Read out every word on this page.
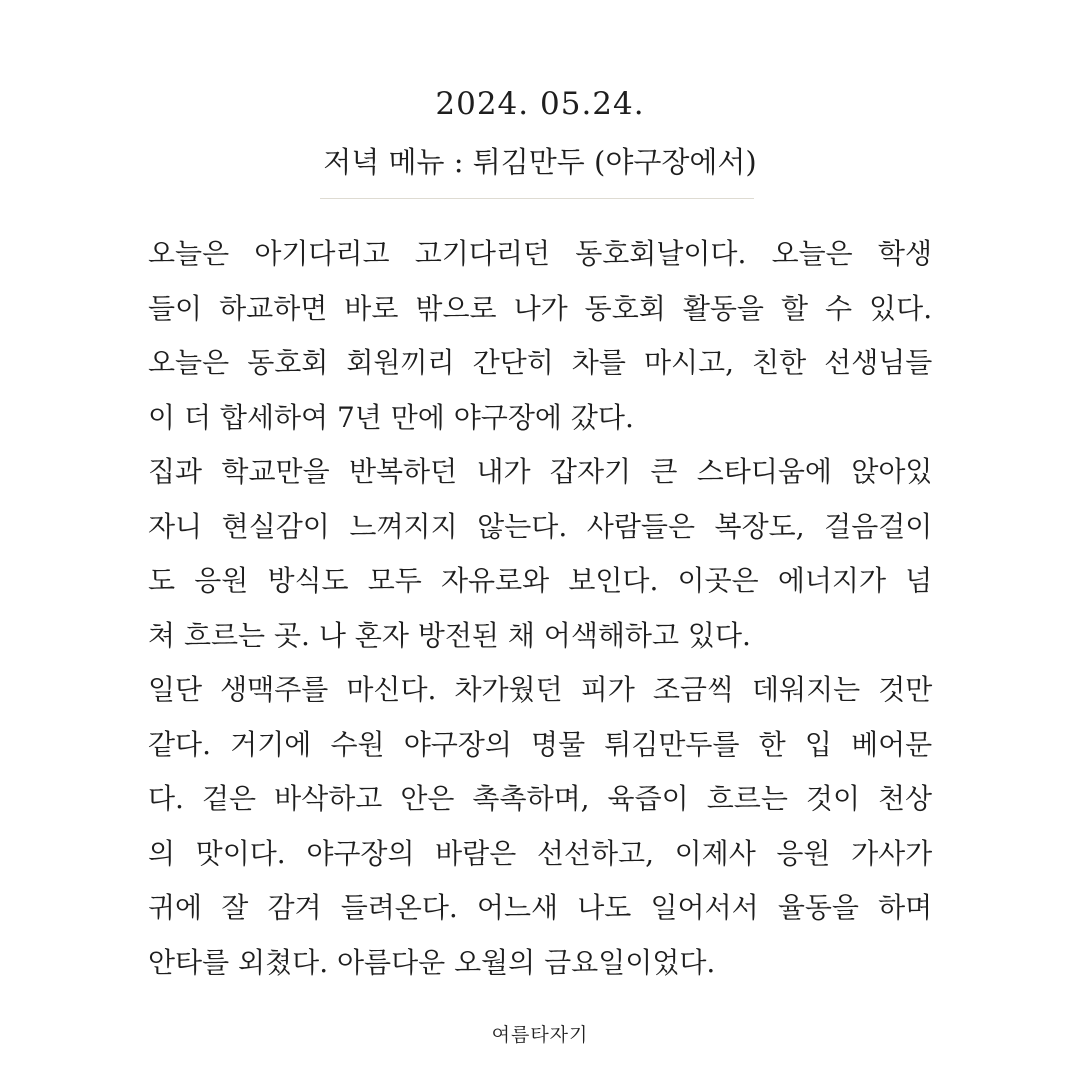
2024. 05.24.
저녁 메뉴 : 튀김만두 (야구장에서)
오늘은 아기다리고 고기다리던 동호회날이다. 오늘은 학생
들이 하교하면 바로 밖으로 나가 동호회 활동을 할 수 있다.
오늘은 동호회 회원끼리 간단히 차를 마시고, 친한 선생님들
이 더 합세하여 7년 만에 야구장에 갔다.
집과 학교만을 반복하던 내가 갑자기 큰 스타디움에 앉아있
자니 현실감이 느껴지지 않는다. 사람들은 복장도, 걸음걸이
도 응원 방식도 모두 자유로와 보인다. 이곳은 에너지가 넘
쳐 흐르는 곳. 나 혼자 방전된 채 어색해하고 있다.
일단 생맥주를 마신다. 차가웠던 피가 조금씩 데워지는 것만
같다. 거기에 수원 야구장의 명물 튀김만두를 한 입 베어문
다. 겉은 바삭하고 안은 촉촉하며, 육즙이 흐르는 것이 천상
의 맛이다. 야구장의 바람은 선선하고, 이제사 응원 가사가
귀에 잘 감겨 들려온다. 어느새 나도 일어서서 율동을 하며
안타를 외쳤다. 아름다운 오월의 금요일이었다.
여름타자기
